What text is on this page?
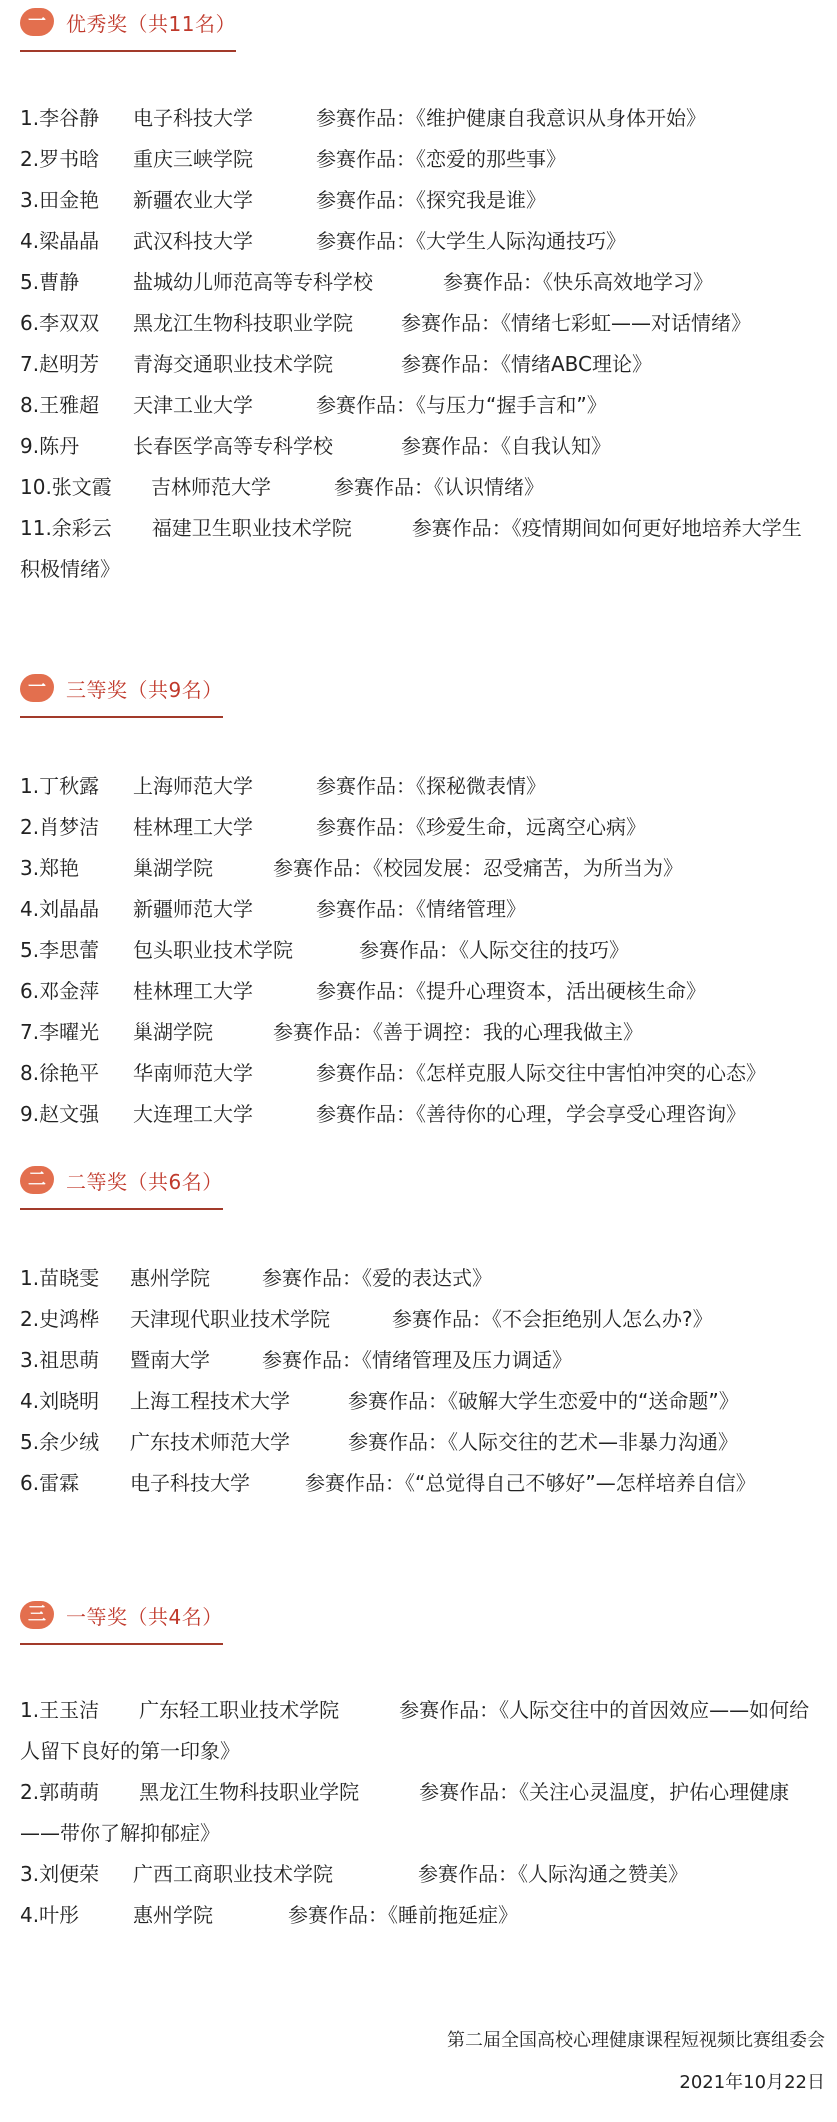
一 优秀奖（共11名）
1.李谷静 电子科技大学	参赛作品：《维护健康自我意识从身体开始》
2.罗书晗 重庆三峡学院	参赛作品：《恋爱的那些事》
3.田金艳 新疆农业大学	参赛作品：《探究我是谁》
4.梁晶晶 武汉科技大学	参赛作品：《大学生人际沟通技巧》
5.曹静	盐城幼儿师范高等专科学校	参赛作品：《快乐高效地学习》
6.李双双 黑龙江生物科技职业学院 参赛作品：《情绪七彩虹——对话情绪》
7.赵明芳 青海交通职业技术学院	参赛作品：《情绪ABC理论》
8.王雅超 天津工业大学	参赛作品：《与压力“握手言和”》
9.陈丹	长春医学高等专科学校	参赛作品：《自我认知》
10.张文霞 吉林师范大学	参赛作品：《认识情绪》
11.余彩云　　 福建卫生职业技术学院　　　	参赛作品：《疫情期间如何更好地培养大学生积极情绪》
一 三等奖（共9名）
1.丁秋露 上海师范大学	参赛作品：《探秘微表情》
2.肖梦洁 桂林理工大学	参赛作品：《珍爱生命，远离空心病》
3.郑艳	巢湖学院	参赛作品：《校园发展：忍受痛苦，为所当为》
4.刘晶晶 新疆师范大学	参赛作品：《情绪管理》
5.李思蕾 包头职业技术学院	参赛作品：《人际交往的技巧》
6.邓金萍 桂林理工大学	参赛作品：《提升心理资本，活出硬核生命》
7.李曜光 巢湖学院	参赛作品：《善于调控：我的心理我做主》
8.徐艳平 华南师范大学	参赛作品：《怎样克服人际交往中害怕冲突的心态》
9.赵文强 大连理工大学	参赛作品：《善待你的心理，学会享受心理咨询》
二 二等奖（共6名）
1.苗晓雯 惠州学院	参赛作品：《爱的表达式》
2.史鸿桦 天津现代职业技术学院	参赛作品：《不会拒绝别人怎么办?》
3.祖思萌 暨南大学	参赛作品：《情绪管理及压力调适》
4.刘晓明 上海工程技术大学	参赛作品：《破解大学生恋爱中的“送命题”》
5.余少绒 广东技术师范大学	参赛作品：《人际交往的艺术—非暴力沟通》
6.雷霖	电子科技大学	参赛作品：《“总觉得自己不够好”—怎样培养自信》
三 一等奖（共4名）
1.王玉洁　　 广东轻工职业技术学院　　　	参赛作品：《人际交往中的首因效应——如何给人留下良好的第一印象》
2.郭萌萌　　 黑龙江生物科技职业学院　　　	参赛作品：《关注心灵温度，护佑心理健康——带你了解抑郁症》
3.刘便荣 广西工商职业技术学院	参赛作品：《人际沟通之赞美》
4.叶彤	惠州学院	参赛作品：《睡前拖延症》
第二届全国高校心理健康课程短视频比赛组委会
2021年10月22日
